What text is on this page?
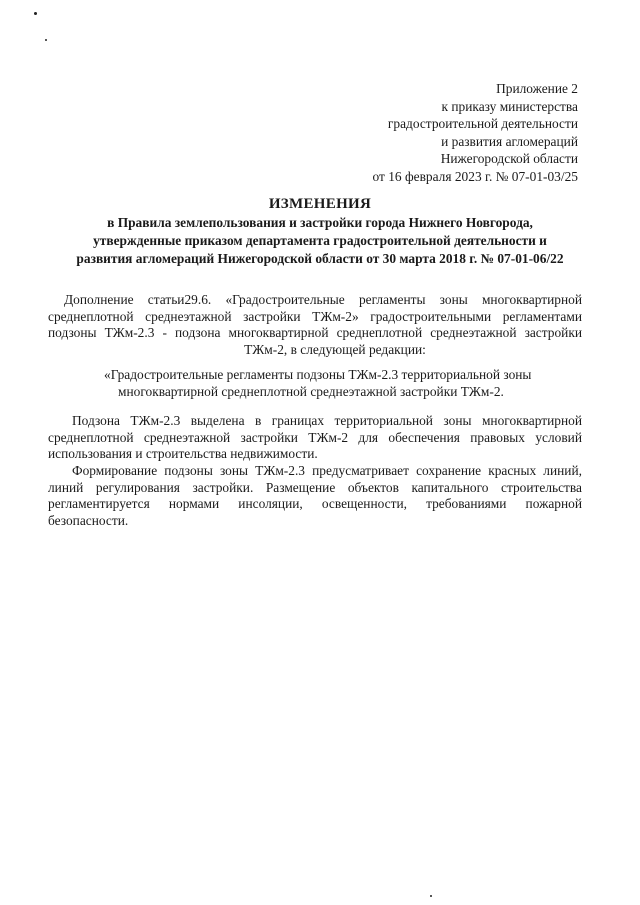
Приложение 2
к приказу министерства
градостроительной деятельности
и развития агломераций
Нижегородской области
от 16 февраля 2023 г. № 07-01-03/25
ИЗМЕНЕНИЯ
в Правила землепользования и застройки города Нижнего Новгорода,
утвержденные приказом департамента градостроительной деятельности и
развития агломераций Нижегородской области от 30 марта 2018 г. № 07-01-06/22
Дополнение статьи29.6. «Градостроительные регламенты зоны многоквартирной
среднеплотной среднеэтажной застройки ТЖм-2» градостроительными регламентами
подзоны ТЖм-2.3 - подзона многоквартирной среднеплотной среднеэтажной застройки
ТЖм-2, в следующей редакции:
«Градостроительные регламенты подзоны ТЖм-2.3 территориальной зоны
многоквартирной среднеплотной среднеэтажной застройки ТЖм-2.
Подзона ТЖм-2.3 выделена в границах территориальной зоны многоквартирной
среднеплотной среднеэтажной застройки ТЖм-2 для обеспечения правовых условий
использования и строительства недвижимости.
Формирование подзоны зоны ТЖм-2.3 предусматривает сохранение красных линий,
линий регулирования застройки. Размещение объектов капитального строительства
регламентируется нормами инсоляции, освещенности, требованиями пожарной
безопасности.
